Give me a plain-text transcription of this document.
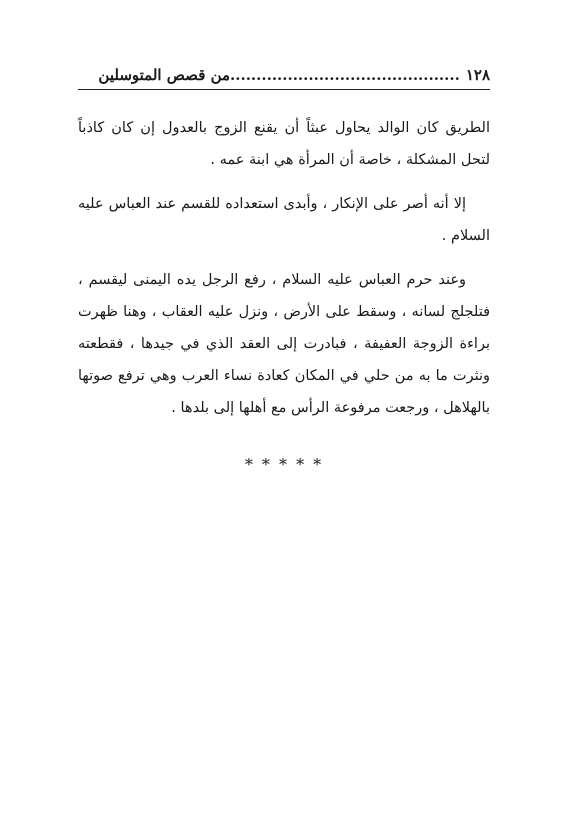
١٢٨
............................................من قصص المتوسلين

الطريق كان الوالد يحاول عبثاً أن يقنع الزوج بالعدول إن كان كاذباً لتحل المشكلة ، خاصة أن المرأة هي ابنة عمه .

إلا أنه أصر على الإنكار ، وأبدى استعداده للقسم عند العباس عليه السلام .

وعند حرم العباس عليه السلام ، رفع الرجل يده اليمنى ليقسم ، فتلجلج لسانه ، وسقط على الأرض ، ونزل عليه العقاب ، وهنا ظهرت براءة الزوجة العفيفة ، فبادرت إلى العقد الذي في جيدها ، فقطعته ونثرت ما به من حلي في المكان كعادة نساء العرب وهي ترفع صوتها بالهلاهل ، ورجعت مرفوعة الرأس مع أهلها إلى بلدها .

* * * * *
